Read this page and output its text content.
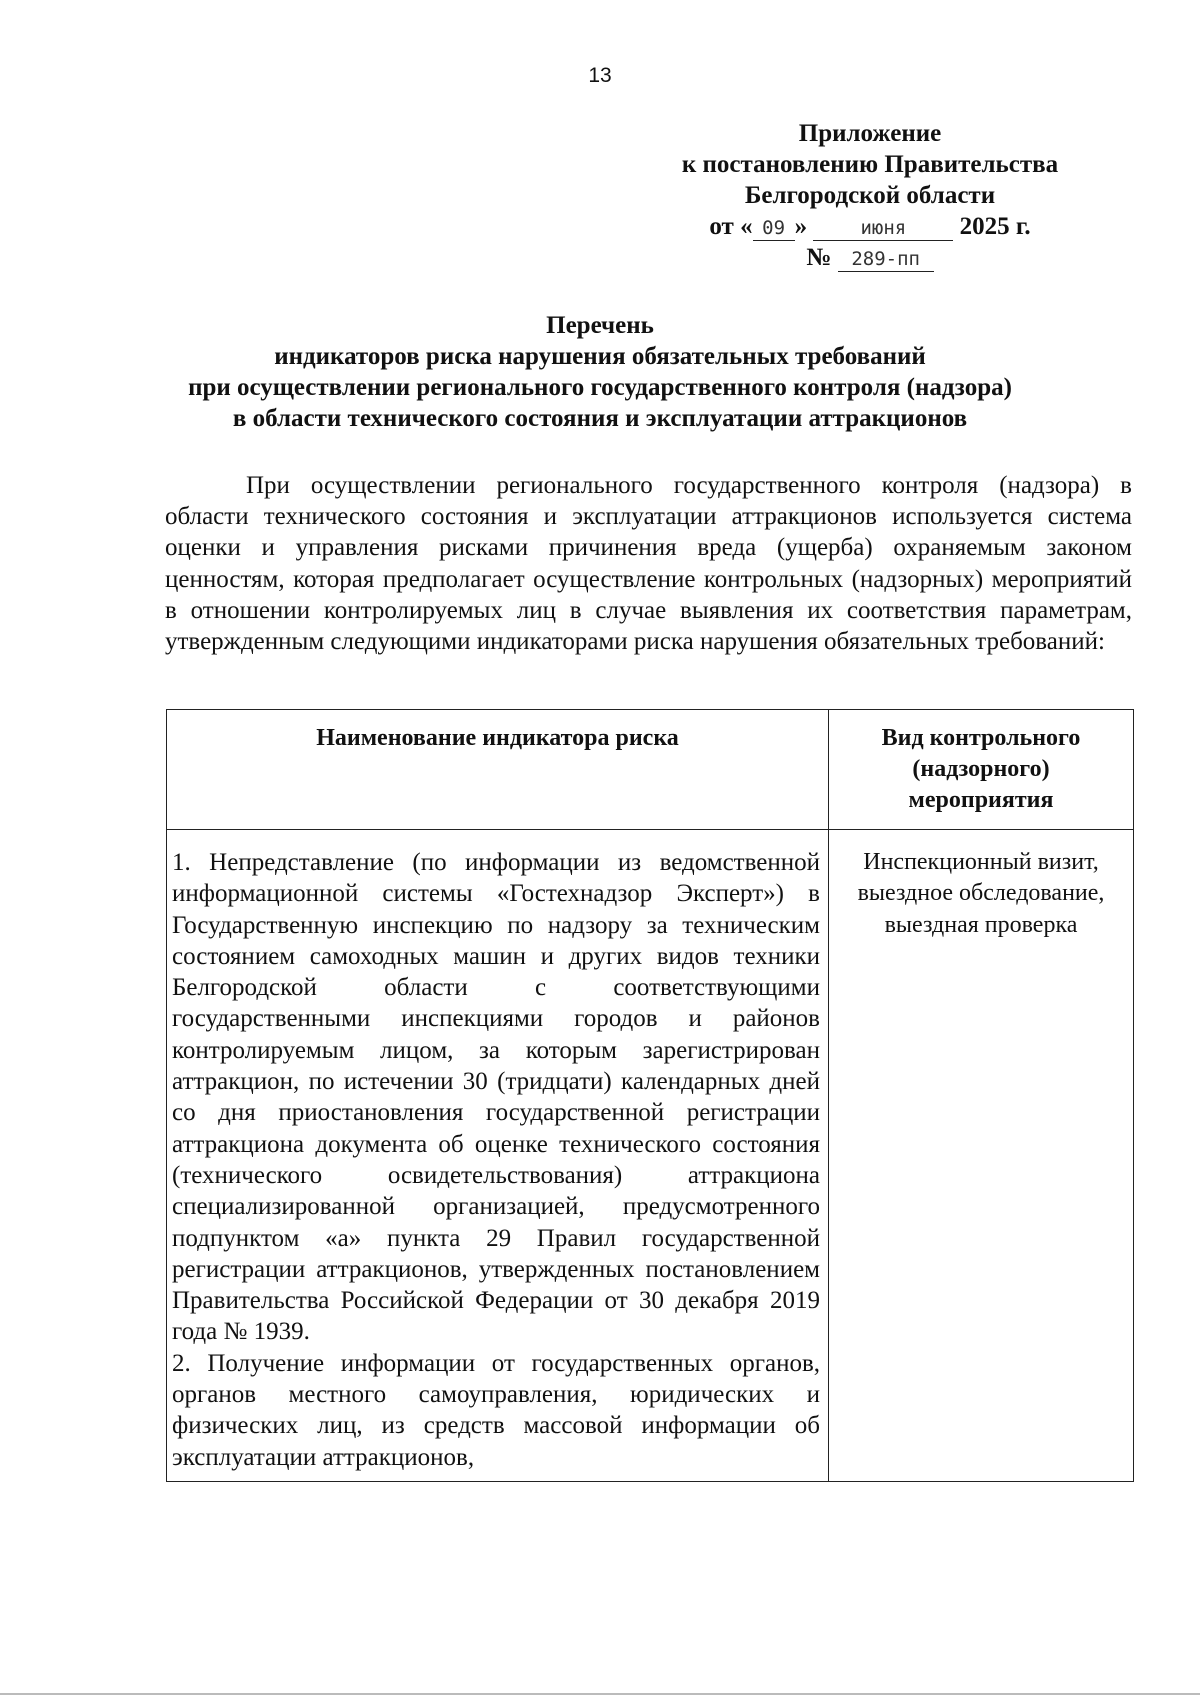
13
Приложение
к постановлению Правительства
Белгородской области
от « 09 »	июня 2025 г.
№ 289-пп
Перечень
индикаторов риска нарушения обязательных требований
при осуществлении регионального государственного контроля (надзора)
в области технического состояния и эксплуатации аттракционов
При осуществлении регионального государственного контроля (надзора) в области технического состояния и эксплуатации аттракционов используется система оценки и управления рисками причинения вреда (ущерба) охраняемым законом ценностям, которая предполагает осуществление контрольных (надзорных) мероприятий в отношении контролируемых лиц в случае выявления их соответствия параметрам, утвержденным следующими индикаторами риска нарушения обязательных требований:
Наименование индикатора риска	Вид контрольного (надзорного) мероприятия

1. Непредставление (по информации из ведомственной информационной системы «Гостехнадзор Эксперт») в Государственную инспекцию по надзору за техническим состоянием самоходных машин и других видов техники Белгородской области с соответствующими государственными инспекциями городов и районов контролируемым лицом, за которым зарегистрирован аттракцион, по истечении 30 (тридцати) календарных дней со дня приостановления государственной регистрации аттракциона документа об оценке технического состояния (технического освидетельствования) аттракциона специализированной организацией, предусмотренного подпунктом «а» пункта 29 Правил государственной регистрации аттракционов, утвержденных постановлением Правительства Российской Федерации от 30 декабря 2019 года № 1939.

2. Получение информации от государственных органов, органов местного самоуправления, юридических и физических лиц, из средств массовой информации об эксплуатации аттракционов,	Инспекционный визит, выездное обследование, выездная проверка
